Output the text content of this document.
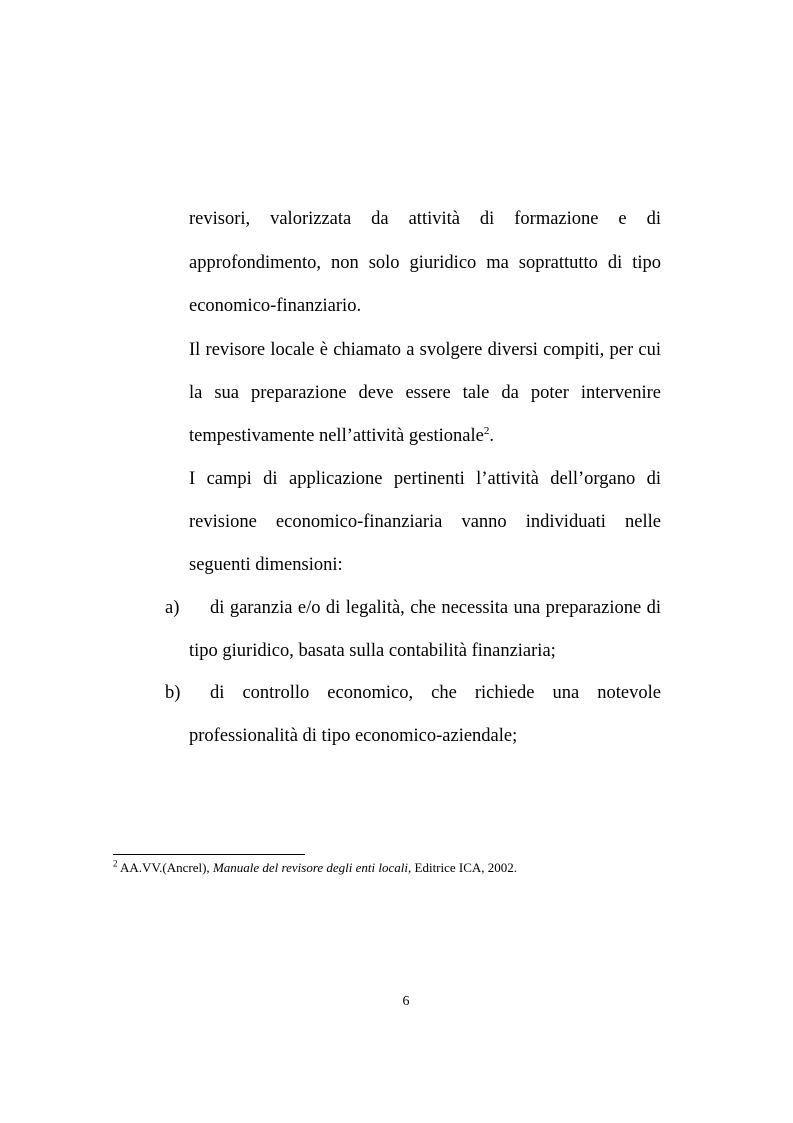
revisori, valorizzata da attività di formazione e di
approfondimento, non solo giuridico ma soprattutto di tipo
economico-finanziario.
Il revisore locale è chiamato a svolgere diversi compiti, per cui
la sua preparazione deve essere tale da poter intervenire
tempestivamente nell’attività gestionale$^2$.
I campi di applicazione pertinenti l’attività dell’organo di
revisione economico-finanziaria vanno individuati nelle
seguenti dimensioni:
a) di garanzia e/o di legalità, che necessita una preparazione di
tipo giuridico, basata sulla contabilità finanziaria;
b) di controllo economico, che richiede una notevole
professionalità di tipo economico-aziendale;
$^2$ AA.VV.(Ancrel), Manuale del revisore degli enti locali, Editrice ICA, 2002.
6
